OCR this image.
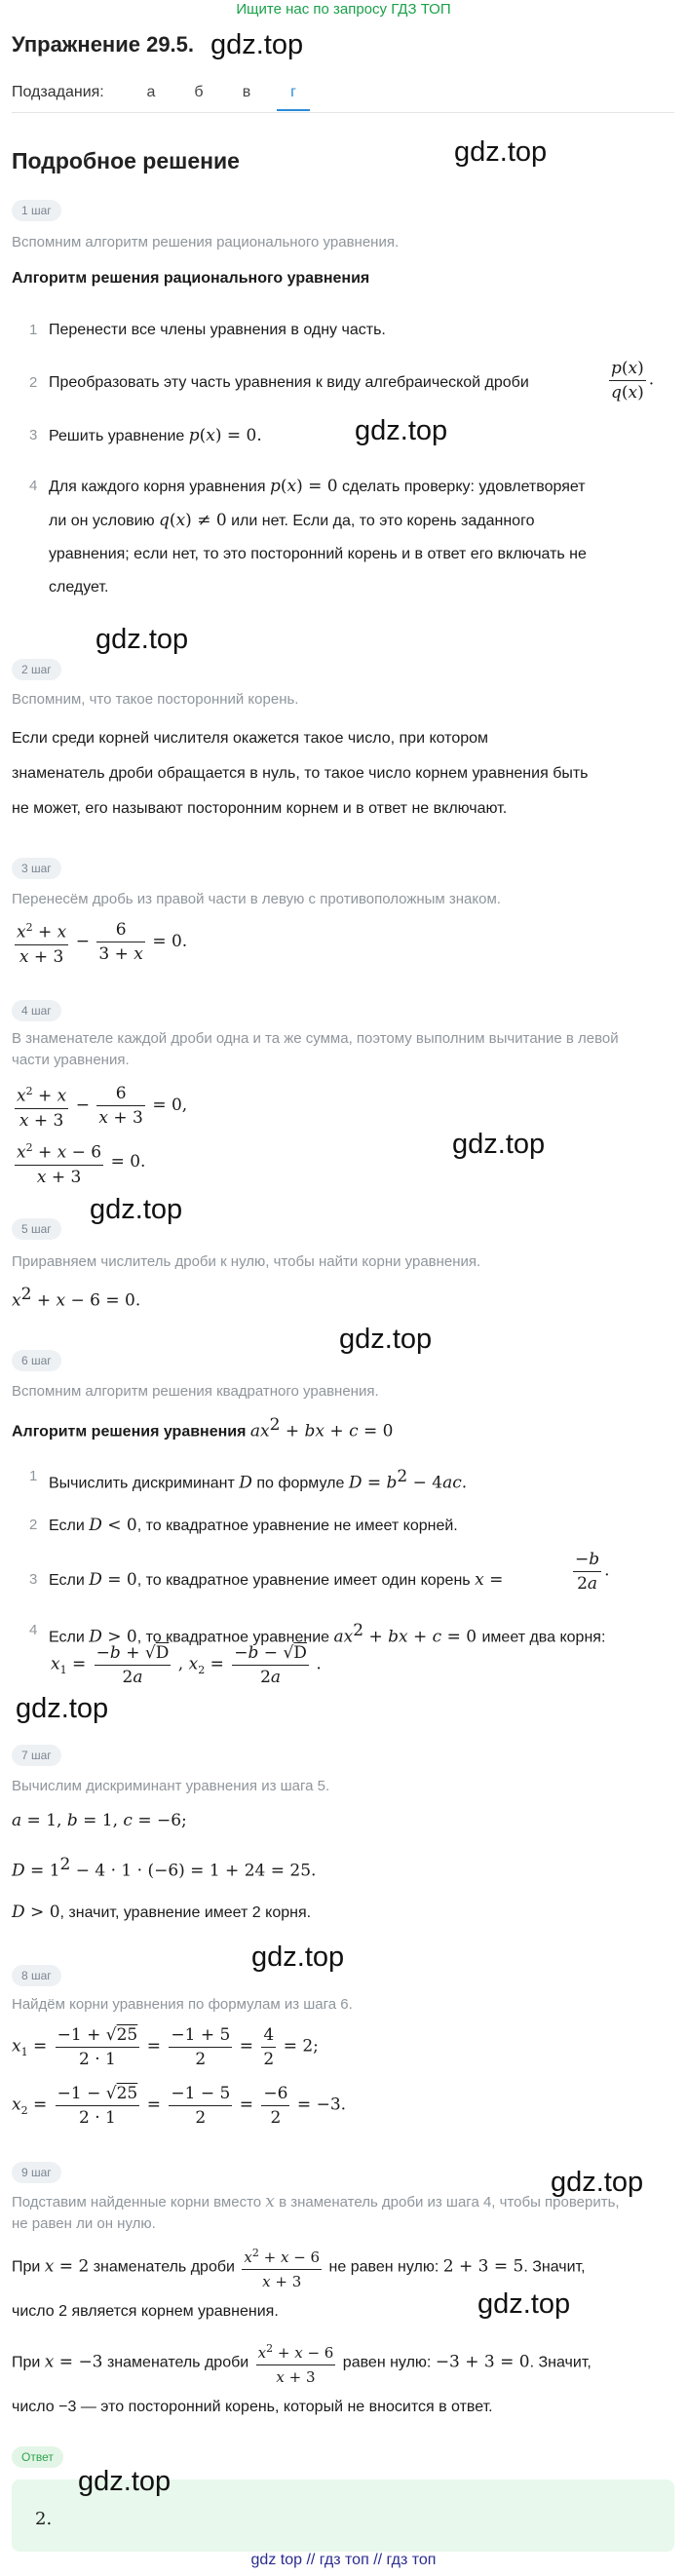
Ищите нас по запросу ГДЗ ТОП
Упражнение 29.5. gdz.top
Подзадания:	а	б	в	г
Подробное решение	gdz.top
1 шаг
Вспомним алгоритм решения рационального уравнения.
Алгоритм решения рационального уравнения
1 Перенести все члены уравнения в одну часть.
2 Преобразовать эту часть уравнения к виду алгебраической дроби	$\frac{p(x)}{q(x)}$ .
3 Решить уравнение p(x) = 0.	gdz.top
4 Для каждого корня уравнения p(x) = 0 сделать проверку: удовлетворяет
ли он условию q(x) ≠ 0 или нет. Если да, то это корень заданного
уравнения; если нет, то это посторонний корень и в ответ его включать не
следует.
gdz.top
2 шаг
Вспомним, что такое посторонний корень.
Если среди корней числителя окажется такое число, при котором
знаменатель дроби обращается в нуль, то такое число корнем уравнения быть
не может, его называют посторонним корнем и в ответ не включают.
3 шаг
Перенесём дробь из правой части в левую с противоположным знаком.
$\frac{x^2 + x}{x + 3} - \frac{6}{3 + x} = 0$.
4 шаг
В знаменателе каждой дроби одна и та же сумма, поэтому выполним вычитание в левой
части уравнения.
$\frac{x^2 + x}{x + 3} - \frac{6}{x + 3} = 0$,
$\frac{x^2 + x - 6}{x + 3} = 0$.
gdz.top
gdz.top
5 шаг
Приравняем числитель дроби к нулю, чтобы найти корни уравнения.
$x^2 + x - 6 = 0$.
gdz.top
6 шаг
Вспомним алгоритм решения квадратного уравнения.
Алгоритм решения уравнения $ax^2$ + bx + c = 0
1 Вычислить дискриминант D по формуле $D = b^2 - 4ac$.
2 Если D < 0, то квадратное уравнение не имеет корней.
3 Если D = 0, то квадратное уравнение имеет один корень x =	$\frac{-b}{2a}$ .
4 Если D > 0, то квадратное уравнение $ax^2$ + bx + c = 0 имеет два корня:
$x_1 = \frac{-b + √D}{2a}$ , $x_2 = \frac{-b - √D}{2a}$ .
gdz.top
7 шаг
Вычислим дискриминант уравнения из шага 5.
a = 1, b = 1, c = −6;
$D = 1^2 - 4 \cdot 1 \cdot (-6) = 1 + 24 = 25$.
D > 0, значит, уравнение имеет 2 корня.
gdz.top
8 шаг
Найдём корни уравнения по формулам из шага 6.
$x_1 = \frac{-1 + √25}{2 \cdot 1} = \frac{-1 + 5}{2} = \frac{4}{2} = 2$;
$x_2 = \frac{-1 - √25}{2 \cdot 1} = \frac{-1 - 5}{2} = \frac{-6}{2} = -3$.
gdz.top
9 шаг
Подставим найденные корни вместо x в знаменатель дроби из шага 4, чтобы проверить,
не равен ли он нулю.
При x = 2 знаменатель дроби $\frac{x^2 + x - 6}{x + 3}$ не равен нулю: 2 + 3 = 5. Значит,
число 2 является корнем уравнения.	gdz.top
При x = −3 знаменатель дроби $\frac{x^2 + x - 6}{x + 3}$ равен нулю: −3 + 3 = 0. Значит,
число −3 — это посторонний корень, который не вносится в ответ.
Ответ
gdz.top
2.
gdz top // гдз топ // гдз топ
